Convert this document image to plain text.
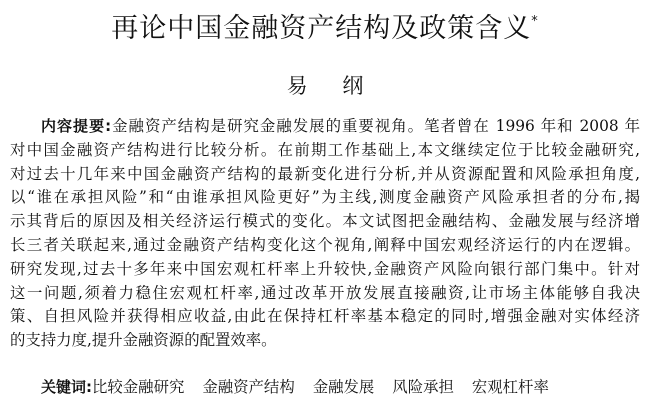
再论中国金融资产结构及政策含义*
易 纲
内容提要:金融资产结构是研究金融发展的重要视角。笔者曾在 1996 年和 2008 年
对中国金融资产结构进行比较分析。在前期工作基础上,本文继续定位于比较金融研究,
对过去十几年来中国金融资产结构的最新变化进行分析,并从资源配置和风险承担角度,
以“谁在承担风险”和“由谁承担风险更好”为主线,测度金融资产风险承担者的分布,揭
示其背后的原因及相关经济运行模式的变化。本文试图把金融结构、金融发展与经济增
长三者关联起来,通过金融资产结构变化这个视角,阐释中国宏观经济运行的内在逻辑。
研究发现,过去十多年来中国宏观杠杆率上升较快,金融资产风险向银行部门集中。针对
这一问题,须着力稳住宏观杠杆率,通过改革开放发展直接融资,让市场主体能够自我决
策、自担风险并获得相应收益,由此在保持杠杆率基本稳定的同时,增强金融对实体经济
的支持力度,提升金融资源的配置效率。
关键词:比较金融研究 金融资产结构 金融发展 风险承担 宏观杠杆率
